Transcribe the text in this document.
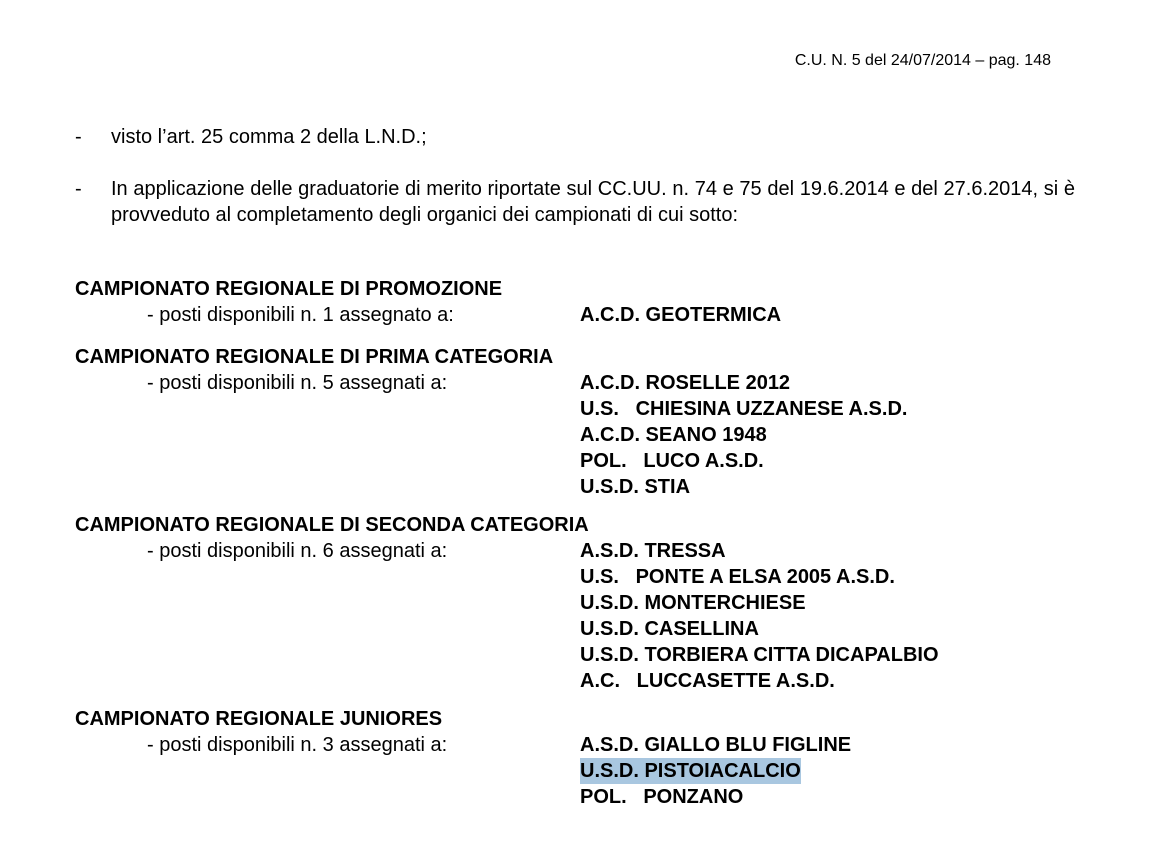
C.U. N. 5 del 24/07/2014 – pag. 148
-	visto l’art. 25 comma 2 della L.N.D.;
-	In applicazione delle graduatorie di merito riportate sul CC.UU. n. 74 e 75 del 19.6.2014 e del 27.6.2014, si è provveduto al completamento degli organici dei campionati di cui sotto:
CAMPIONATO REGIONALE DI PROMOZIONE
- posti disponibili n. 1 assegnato a:	A.C.D. GEOTERMICA
CAMPIONATO REGIONALE DI PRIMA CATEGORIA
- posti disponibili n. 5 assegnati a:	A.C.D. ROSELLE 2012
U.S.   CHIESINA UZZANESE A.S.D.
A.C.D. SEANO 1948
POL.   LUCO A.S.D.
U.S.D. STIA
CAMPIONATO REGIONALE DI SECONDA CATEGORIA
- posti disponibili n. 6 assegnati a:	A.S.D. TRESSA
U.S.   PONTE A ELSA 2005 A.S.D.
U.S.D. MONTERCHIESE
U.S.D. CASELLINA
U.S.D. TORBIERA CITTA DICAPALBIO
A.C.   LUCCASETTE A.S.D.
CAMPIONATO REGIONALE JUNIORES
- posti disponibili n. 3 assegnati a:	A.S.D. GIALLO BLU FIGLINE
U.S.D. PISTOIACALCIO
POL.   PONZANO
